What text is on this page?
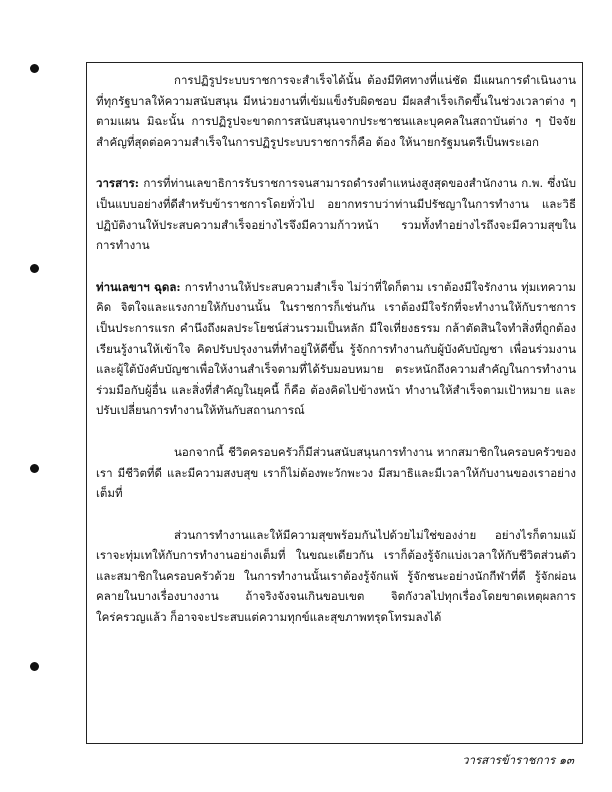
การปฏิรูประบบราชการจะสำเร็จได้นั้น ต้องมีทิศทางที่แน่ชัด มีแผนการดำเนินงานที่ทุกรัฐบาลให้ความสนับสนุน มีหน่วยงานที่เข้มแข็งรับผิดชอบ มีผลสำเร็จเกิดขึ้นในช่วงเวลาต่าง ๆ ตามแผน มิฉะนั้น การปฏิรูปจะขาดการสนับสนุนจากประชาชนและบุคคลในสถาบันต่าง ๆ ปัจจัยสำคัญที่สุดต่อความสำเร็จในการปฏิรูประบบราชการก็คือ ต้อง ให้นายกรัฐมนตรีเป็นพระเอก

วารสาร: การที่ท่านเลขาธิการรับราชการจนสามารถดำรงตำแหน่งสูงสุดของสำนักงาน ก.พ. ซึ่งนับเป็นแบบอย่างที่ดีสำหรับข้าราชการโดยทั่วไป อยากทราบว่าท่านมีปรัชญาในการทำงาน และวิธีปฏิบัติงานให้ประสบความสำเร็จอย่างไรจึงมีความก้าวหน้า รวมทั้งทำอย่างไรถึงจะมีความสุขในการทำงาน

ท่านเลขาฯ ฉุดล: การทำงานให้ประสบความสำเร็จ ไม่ว่าที่ใดก็ตาม เราต้องมีใจรักงาน ทุ่มเทความคิด จิตใจและแรงกายให้กับงานนั้น ในราชการก็เช่นกัน เราต้องมีใจรักที่จะทำงานให้กับราชการเป็นประการแรก คำนึงถึงผลประโยชน์ส่วนรวมเป็นหลัก มีใจเที่ยงธรรม กล้าตัดสินใจทำสิ่งที่ถูกต้อง เรียนรู้งานให้เข้าใจ คิดปรับปรุงงานที่ทำอยู่ให้ดีขึ้น รู้จักการทำงานกับผู้บังคับบัญชา เพื่อนร่วมงานและผู้ใต้บังคับบัญชาเพื่อให้งานสำเร็จตามที่ได้รับมอบหมาย ตระหนักถึงความสำคัญในการทำงานร่วมมือกับผู้อื่น และสิ่งที่สำคัญในยุคนี้ ก็คือ ต้องคิดไปข้างหน้า ทำงานให้สำเร็จตามเป้าหมาย และปรับเปลี่ยนการทำงานให้ทันกับสถานการณ์

นอกจากนี้ ชีวิตครอบครัวก็มีส่วนสนับสนุนการทำงาน หากสมาชิกในครอบครัวของเรา มีชีวิตที่ดี และมีความสงบสุข เราก็ไม่ต้องพะวักพะวง มีสมาธิและมีเวลาให้กับงานของเราอย่างเต็มที่

ส่วนการทำงานและให้มีความสุขพร้อมกันไปด้วยไม่ใช่ของง่าย อย่างไรก็ตามแม้เราจะทุ่มเทให้กับการทำงานอย่างเต็มที่ ในขณะเดียวกัน เราก็ต้องรู้จักแบ่งเวลาให้กับชีวิตส่วนตัวและสมาชิกในครอบครัวด้วย ในการทำงานนั้นเราต้องรู้จักแพ้ รู้จักชนะอย่างนักกีฬาที่ดี รู้จักผ่อนคลายในบางเรื่องบางงาน ถ้าจริงจังจนเกินขอบเขต จิตกังวลไปทุกเรื่องโดยขาดเหตุผลการใคร่ครวญแล้ว ก็อาจจะประสบแต่ความทุกข์และสุขภาพทรุดโทรมลงได้

วารสารข้าราชการ ๑๓
